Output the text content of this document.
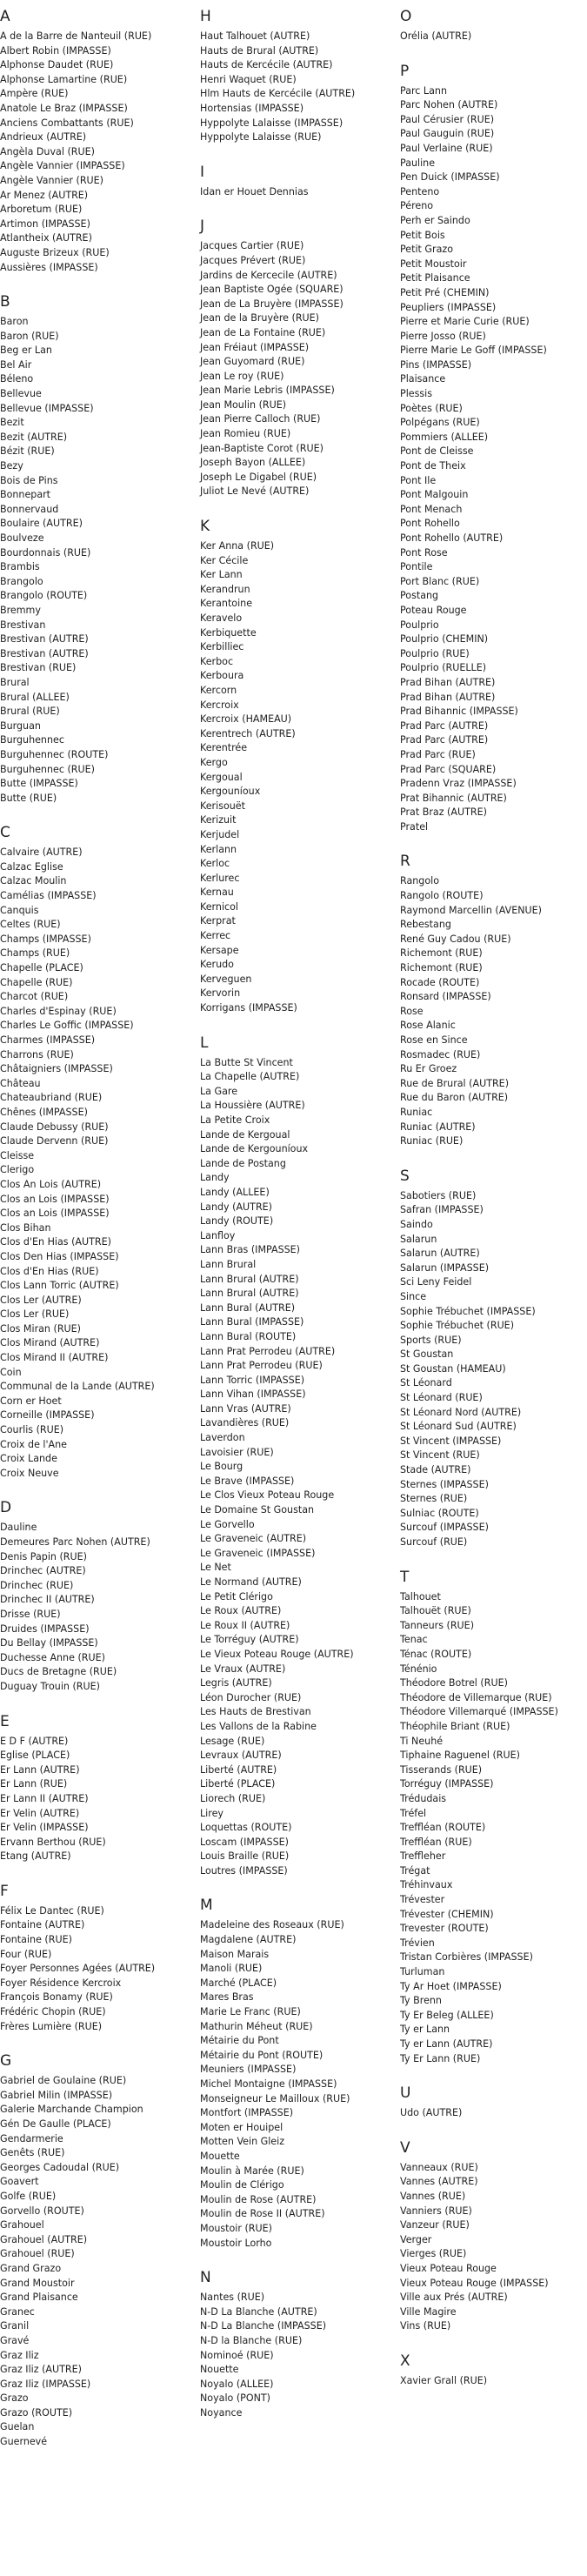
A
A de la Barre de Nanteuil (RUE)
Albert Robin (IMPASSE)
Alphonse Daudet (RUE)
Alphonse Lamartine (RUE)
Ampère (RUE)
Anatole Le Braz (IMPASSE)
Anciens Combattants (RUE)
Andrieux (AUTRE)
Angèla Duval (RUE)
Angèle Vannier (IMPASSE)
Angèle Vannier (RUE)
Ar Menez (AUTRE)
Arboretum (RUE)
Artimon (IMPASSE)
Atlantheix (AUTRE)
Auguste Brizeux (RUE)
Aussières (IMPASSE)
B
Baron
Baron (RUE)
Beg er Lan
Bel Air
Béleno
Bellevue
Bellevue (IMPASSE)
Bezit
Bezit (AUTRE)
Bézit (RUE)
Bezy
Bois de Pins
Bonnepart
Bonnervaud
Boulaire (AUTRE)
Boulveze
Bourdonnais (RUE)
Brambis
Brangolo
Brangolo (ROUTE)
Bremmy
Brestivan
Brestivan (AUTRE)
Brestivan (AUTRE)
Brestivan (RUE)
Brural
Brural (ALLEE)
Brural (RUE)
Burguan
Burguhennec
Burguhennec (ROUTE)
Burguhennec (RUE)
Butte (IMPASSE)
Butte (RUE)
C
Calvaire (AUTRE)
Calzac Eglise
Calzac Moulin
Camélias (IMPASSE)
Canquis
Celtes (RUE)
Champs (IMPASSE)
Champs (RUE)
Chapelle (PLACE)
Chapelle (RUE)
Charcot (RUE)
Charles d'Espinay (RUE)
Charles Le Goffic (IMPASSE)
Charmes (IMPASSE)
Charrons (RUE)
Châtaigniers (IMPASSE)
Château
Chateaubriand (RUE)
Chênes (IMPASSE)
Claude Debussy (RUE)
Claude Dervenn (RUE)
Cleisse
Clerigo
Clos An Lois (AUTRE)
Clos an Lois (IMPASSE)
Clos an Lois (IMPASSE)
Clos Bihan
Clos d'En Hias (AUTRE)
Clos Den Hias (IMPASSE)
Clos d'En Hias (RUE)
Clos Lann Torric (AUTRE)
Clos Ler (AUTRE)
Clos Ler (RUE)
Clos Miran (RUE)
Clos Mirand (AUTRE)
Clos Mirand II (AUTRE)
Coin
Communal de la Lande (AUTRE)
Corn er Hoet
Corneille (IMPASSE)
Courlis (RUE)
Croix de l'Ane
Croix Lande
Croix Neuve
D
Dauline
Demeures Parc Nohen (AUTRE)
Denis Papin (RUE)
Drinchec (AUTRE)
Drinchec (RUE)
Drinchec II (AUTRE)
Drisse (RUE)
Druides (IMPASSE)
Du Bellay (IMPASSE)
Duchesse Anne (RUE)
Ducs de Bretagne (RUE)
Duguay Trouin (RUE)
E
E D F (AUTRE)
Eglise (PLACE)
Er Lann (AUTRE)
Er Lann (RUE)
Er Lann II (AUTRE)
Er Velin (AUTRE)
Er Velin (IMPASSE)
Ervann Berthou (RUE)
Etang (AUTRE)
F
Félix Le Dantec (RUE)
Fontaine (AUTRE)
Fontaine (RUE)
Four (RUE)
Foyer Personnes Agées (AUTRE)
Foyer Résidence Kercroix
François Bonamy (RUE)
Frédéric Chopin (RUE)
Frères Lumière (RUE)
G
Gabriel de Goulaine (RUE)
Gabriel Milin (IMPASSE)
Galerie Marchande Champion
Gén De Gaulle (PLACE)
Gendarmerie
Genêts (RUE)
Georges Cadoudal (RUE)
Goavert
Golfe (RUE)
Gorvello (ROUTE)
Grahouel
Grahouel (AUTRE)
Grahouel (RUE)
Grand Grazo
Grand Moustoir
Grand Plaisance
Granec
Granil
Gravé
Graz Iliz
Graz Iliz (AUTRE)
Graz Iliz (IMPASSE)
Grazo
Grazo (ROUTE)
Guelan
Guernevé
H
Haut Talhouet (AUTRE)
Hauts de Brural (AUTRE)
Hauts de Kercécile (AUTRE)
Henri Waquet (RUE)
Hlm Hauts de Kercécile (AUTRE)
Hortensias (IMPASSE)
Hyppolyte Lalaisse (IMPASSE)
Hyppolyte Lalaisse (RUE)
I
Idan er Houet Dennias
J
Jacques Cartier (RUE)
Jacques Prévert (RUE)
Jardins de Kercecile (AUTRE)
Jean Baptiste Ogée (SQUARE)
Jean de La Bruyère (IMPASSE)
Jean de la Bruyère (RUE)
Jean de La Fontaine (RUE)
Jean Fréiaut (IMPASSE)
Jean Guyomard (RUE)
Jean Le roy (RUE)
Jean Marie Lebris (IMPASSE)
Jean Moulin (RUE)
Jean Pierre Calloch (RUE)
Jean Romieu (RUE)
Jean-Baptiste Corot (RUE)
Joseph Bayon (ALLEE)
Joseph Le Digabel (RUE)
Juliot Le Nevé (AUTRE)
K
Ker Anna (RUE)
Ker Cécile
Ker Lann
Kerandrun
Kerantoine
Keravelo
Kerbiquette
Kerbilliec
Kerboc
Kerboura
Kercorn
Kercroix
Kercroix (HAMEAU)
Kerentrech (AUTRE)
Kerentrée
Kergo
Kergoual
Kergouníoux
Kerisouët
Kerizuit
Kerjudel
Kerlann
Kerloc
Kerlurec
Kernau
Kernicol
Kerprat
Kerrec
Kersape
Kerudo
Kerveguen
Kervorin
Korrigans (IMPASSE)
L
La Butte St Vincent
La Chapelle (AUTRE)
La Gare
La Houssière (AUTRE)
La Petite Croix
Lande de Kergoual
Lande de Kergouníoux
Lande de Postang
Landy
Landy (ALLEE)
Landy (AUTRE)
Landy (ROUTE)
Lanfloy
Lann Bras (IMPASSE)
Lann Brural
Lann Brural (AUTRE)
Lann Brural (AUTRE)
Lann Bural (AUTRE)
Lann Bural (IMPASSE)
Lann Bural (ROUTE)
Lann Prat Perrodeu (AUTRE)
Lann Prat Perrodeu (RUE)
Lann Torric (IMPASSE)
Lann Vihan (IMPASSE)
Lann Vras (AUTRE)
Lavandières (RUE)
Laverdon
Lavoisier (RUE)
Le Bourg
Le Brave (IMPASSE)
Le Clos Vieux Poteau Rouge
Le Domaine St Goustan
Le Gorvello
Le Graveneic (AUTRE)
Le Graveneic (IMPASSE)
Le Net
Le Normand (AUTRE)
Le Petit Clérigo
Le Roux (AUTRE)
Le Roux II (AUTRE)
Le Torréguy (AUTRE)
Le Vieux Poteau Rouge (AUTRE)
Le Vraux (AUTRE)
Legris (AUTRE)
Léon Durocher (RUE)
Les Hauts de Brestivan
Les Vallons de la Rabine
Lesage (RUE)
Levraux (AUTRE)
Liberté (AUTRE)
Liberté (PLACE)
Liorech (RUE)
Lirey
Loquettas (ROUTE)
Loscam (IMPASSE)
Louis Braille (RUE)
Loutres (IMPASSE)
M
Madeleine des Roseaux (RUE)
Magdalene (AUTRE)
Maison Marais
Manoli (RUE)
Marché (PLACE)
Mares Bras
Marie Le Franc (RUE)
Mathurin Méheut (RUE)
Métairie du Pont
Métairie du Pont (ROUTE)
Meuniers (IMPASSE)
Michel Montaigne (IMPASSE)
Monseigneur Le Mailloux (RUE)
Montfort (IMPASSE)
Moten er Houipel
Motten Vein Gleiz
Mouette
Moulin à Marée (RUE)
Moulin de Clérigo
Moulin de Rose (AUTRE)
Moulin de Rose II (AUTRE)
Moustoir (RUE)
Moustoir Lorho
N
Nantes (RUE)
N-D La Blanche (AUTRE)
N-D La Blanche (IMPASSE)
N-D la Blanche (RUE)
Nominoé (RUE)
Nouette
Noyalo (ALLEE)
Noyalo (PONT)
Noyance
O
Orélia (AUTRE)
P
Parc Lann
Parc Nohen (AUTRE)
Paul Cérusier (RUE)
Paul Gauguin (RUE)
Paul Verlaine (RUE)
Pauline
Pen Duick (IMPASSE)
Penteno
Péreno
Perh er Saindo
Petit Bois
Petit Grazo
Petit Moustoir
Petit Plaisance
Petit Pré (CHEMIN)
Peupliers (IMPASSE)
Pierre et Marie Curie (RUE)
Pierre Josso (RUE)
Pierre Marie Le Goff (IMPASSE)
Pins (IMPASSE)
Plaisance
Plessis
Poètes (RUE)
Polpégans (RUE)
Pommiers (ALLEE)
Pont de Cleisse
Pont de Theix
Pont Ile
Pont Malgouin
Pont Menach
Pont Rohello
Pont Rohello (AUTRE)
Pont Rose
Pontile
Port Blanc (RUE)
Postang
Poteau Rouge
Poulprio
Poulprio (CHEMIN)
Poulprio (RUE)
Poulprio (RUELLE)
Prad Bihan (AUTRE)
Prad Bihan (AUTRE)
Prad Bihannic (IMPASSE)
Prad Parc (AUTRE)
Prad Parc (AUTRE)
Prad Parc (RUE)
Prad Parc (SQUARE)
Pradenn Vraz (IMPASSE)
Prat Bihannic (AUTRE)
Prat Braz (AUTRE)
Pratel
R
Rangolo
Rangolo (ROUTE)
Raymond Marcellin (AVENUE)
Rebestang
René Guy Cadou (RUE)
Richemont (RUE)
Richemont (RUE)
Rocade (ROUTE)
Ronsard (IMPASSE)
Rose
Rose Alanic
Rose en Since
Rosmadec (RUE)
Ru Er Groez
Rue de Brural (AUTRE)
Rue du Baron (AUTRE)
Runiac
Runiac (AUTRE)
Runiac (RUE)
S
Sabotiers (RUE)
Safran (IMPASSE)
Saindo
Salarun
Salarun (AUTRE)
Salarun (IMPASSE)
Sci Leny Feidel
Since
Sophie Trébuchet (IMPASSE)
Sophie Trébuchet (RUE)
Sports (RUE)
St Goustan
St Goustan (HAMEAU)
St Léonard
St Léonard (RUE)
St Léonard Nord (AUTRE)
St Léonard Sud (AUTRE)
St Vincent (IMPASSE)
St Vincent (RUE)
Stade (AUTRE)
Sternes (IMPASSE)
Sternes (RUE)
Sulniac (ROUTE)
Surcouf (IMPASSE)
Surcouf (RUE)
T
Talhouet
Talhouët (RUE)
Tanneurs (RUE)
Tenac
Ténac (ROUTE)
Ténénio
Théodore Botrel (RUE)
Théodore de Villemarque (RUE)
Théodore Villemarqué (IMPASSE)
Théophile Briant (RUE)
Ti Neuhé
Tiphaine Raguenel (RUE)
Tisserands (RUE)
Torréguy (IMPASSE)
Trédudais
Tréfel
Treffléan (ROUTE)
Treffléan (RUE)
Treffleher
Trégat
Tréhinvaux
Trévester
Trévester (CHEMIN)
Trevester (ROUTE)
Trévien
Tristan Corbières (IMPASSE)
Turluman
Ty Ar Hoet (IMPASSE)
Ty Brenn
Ty Er Beleg (ALLEE)
Ty er Lann
Ty er Lann (AUTRE)
Ty Er Lann (RUE)
U
Udo (AUTRE)
V
Vanneaux (RUE)
Vannes (AUTRE)
Vannes (RUE)
Vanniers (RUE)
Vanzeur (RUE)
Verger
Vierges (RUE)
Vieux Poteau Rouge
Vieux Poteau Rouge (IMPASSE)
Ville aux Prés (AUTRE)
Ville Magire
Vins (RUE)
X
Xavier Grall (RUE)
